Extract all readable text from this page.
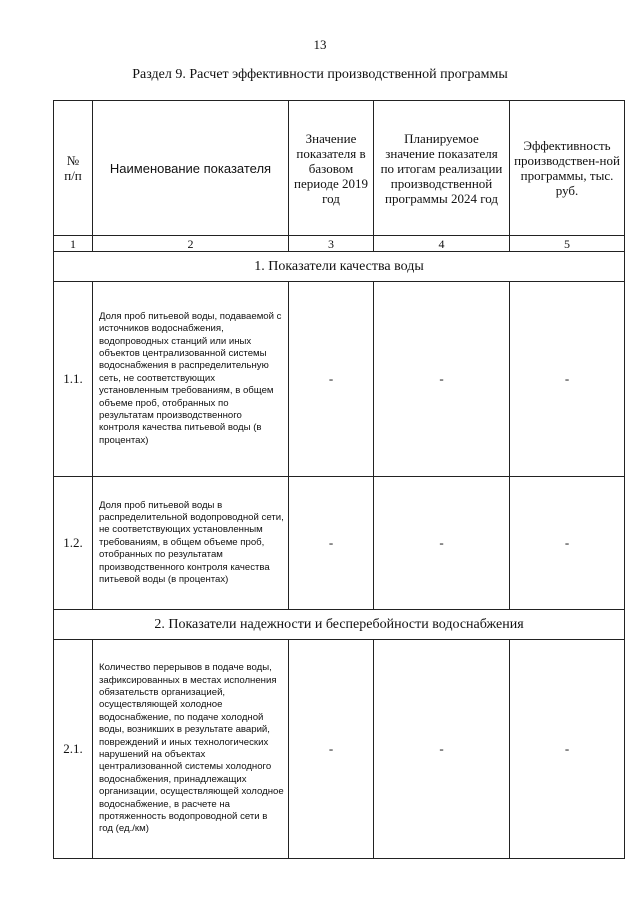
13
Раздел 9. Расчет эффективности производственной программы
№
п/п	Наименование показателя	Значение показателя в базовом периоде 2019 год	Планируемое значение показателя по итогам реализации производственной программы 2024 год	Эффективность производствен-ной программы, тыс. руб.
1	2	3	4	5
1. Показатели качества воды				
1.1.	Доля проб питьевой воды, подаваемой с источников водоснабжения, водопроводных станций или иных объектов централизованной системы водоснабжения в распределительную сеть, не соответствующих установленным требованиям, в общем объеме проб, отобранных по результатам производственного контроля качества питьевой воды (в процентах)	-	-	-
1.2.	Доля проб питьевой воды в распределительной водопроводной сети, не соответствующих установленным требованиям, в общем объеме проб, отобранных по результатам производственного контроля качества питьевой воды (в процентах)	-	-	-
2. Показатели надежности и бесперебойности водоснабжения				
2.1.	Количество перерывов в подаче воды, зафиксированных в местах исполнения обязательств организацией, осуществляющей холодное водоснабжение, по подаче холодной воды, возникших в результате аварий, повреждений и иных технологических нарушений на объектах централизованной системы холодного водоснабжения, принадлежащих организации, осуществляющей холодное водоснабжение, в расчете на протяженность водопроводной сети в год (ед./км)	-	-	-
